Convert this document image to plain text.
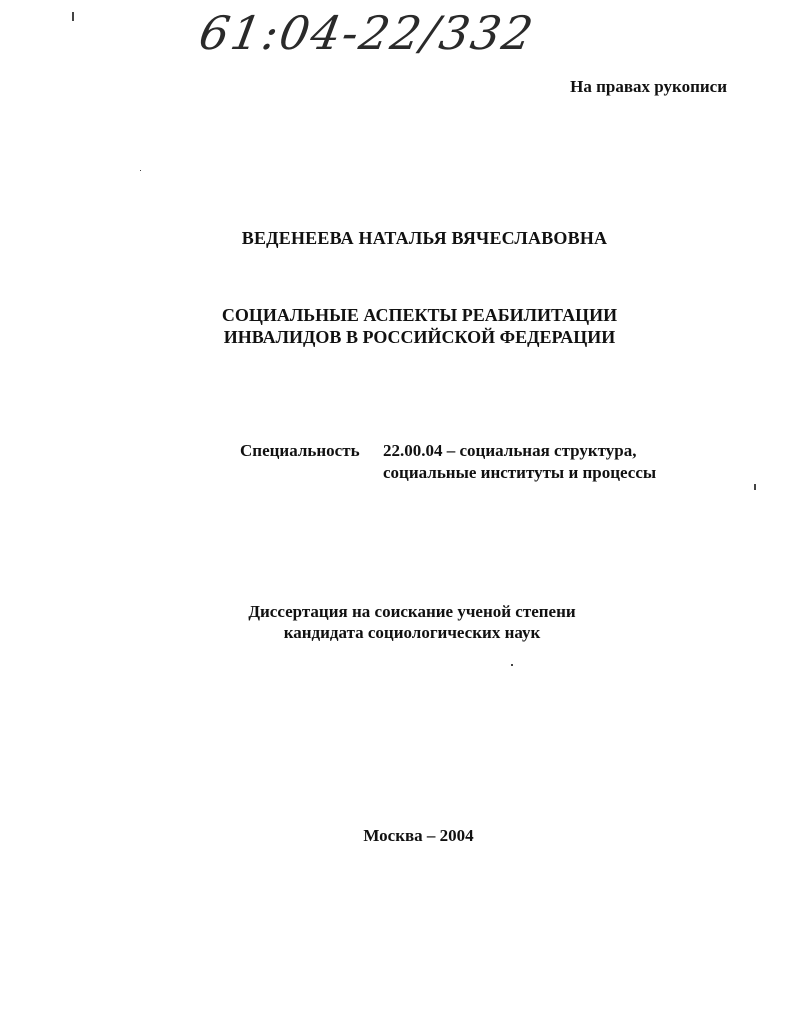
61:04-22/332
На правах рукописи
ВЕДЕНЕЕВА НАТАЛЬЯ ВЯЧЕСЛАВОВНА
СОЦИАЛЬНЫЕ АСПЕКТЫ РЕАБИЛИТАЦИИ
ИНВАЛИДОВ В РОССИЙСКОЙ ФЕДЕРАЦИИ
Специальность 22.00.04 – социальная структура,
социальные институты и процессы
Диссертация на соискание ученой степени
кандидата социологических наук
Москва – 2004
